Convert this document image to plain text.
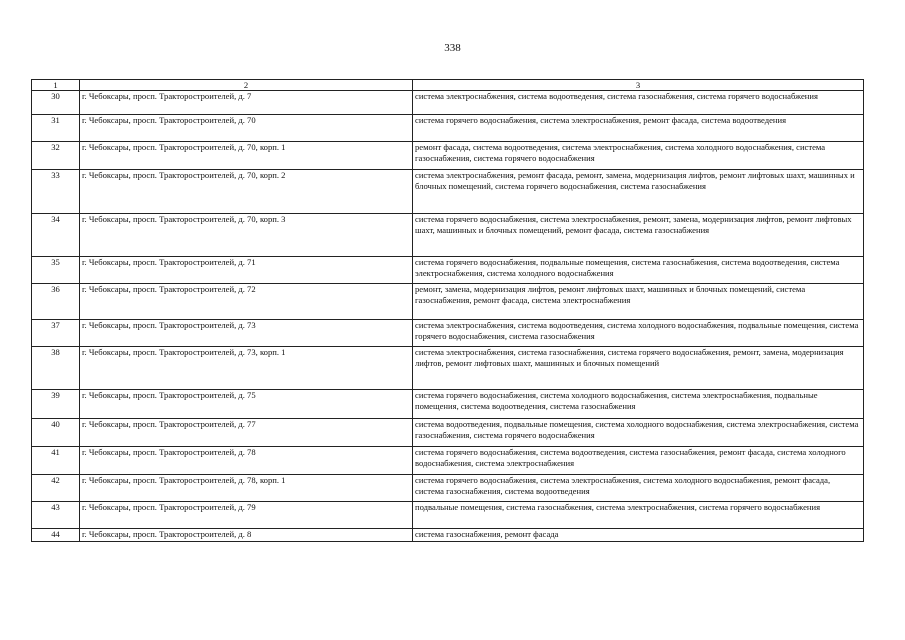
338
1	2	3
30	г. Чебоксары, просп. Тракторостроителей, д. 7	система электроснабжения, система водоотведения, система газоснабжения, система горячего водоснабжения
31	г. Чебоксары, просп. Тракторостроителей, д. 70	система горячего водоснабжения, система электроснабжения, ремонт фасада, система водоотведения
32	г. Чебоксары, просп. Тракторостроителей, д. 70, корп. 1	ремонт фасада, система водоотведения, система электроснабжения, система холодного водоснабжения, система газоснабжения, система горячего водоснабжения
33	г. Чебоксары, просп. Тракторостроителей, д. 70, корп. 2	система электроснабжения, ремонт фасада, ремонт, замена, модернизация лифтов, ремонт лифтовых шахт, машинных и блочных помещений, система горячего водоснабжения, система газоснабжения
34	г. Чебоксары, просп. Тракторостроителей, д. 70, корп. 3	система горячего водоснабжения, система электроснабжения, ремонт, замена, модернизация лифтов, ремонт лифтовых шахт, машинных и блочных помещений, ремонт фасада, система газоснабжения
35	г. Чебоксары, просп. Тракторостроителей, д. 71	система горячего водоснабжения, подвальные помещения, система газоснабжения, система водоотведения, система электроснабжения, система холодного водоснабжения
36	г. Чебоксары, просп. Тракторостроителей, д. 72	ремонт, замена, модернизация лифтов, ремонт лифтовых шахт, машинных и блочных помещений, система газоснабжения, ремонт фасада, система электроснабжения
37	г. Чебоксары, просп. Тракторостроителей, д. 73	система электроснабжения, система водоотведения, система холодного водоснабжения, подвальные помещения, система горячего водоснабжения, система газоснабжения
38	г. Чебоксары, просп. Тракторостроителей, д. 73, корп. 1	система электроснабжения, система газоснабжения, система горячего водоснабжения, ремонт, замена, модернизация лифтов, ремонт лифтовых шахт, машинных и блочных помещений
39	г. Чебоксары, просп. Тракторостроителей, д. 75	система горячего водоснабжения, система холодного водоснабжения, система электроснабжения, подвальные помещения, система водоотведения, система газоснабжения
40	г. Чебоксары, просп. Тракторостроителей, д. 77	система водоотведения, подвальные помещения, система холодного водоснабжения, система электроснабжения, система газоснабжения, система горячего водоснабжения
41	г. Чебоксары, просп. Тракторостроителей, д. 78	система горячего водоснабжения, система водоотведения, система газоснабжения, ремонт фасада, система холодного водоснабжения, система электроснабжения
42	г. Чебоксары, просп. Тракторостроителей, д. 78, корп. 1	система горячего водоснабжения, система электроснабжения, система холодного водоснабжения, ремонт фасада, система газоснабжения, система водоотведения
43	г. Чебоксары, просп. Тракторостроителей, д. 79	подвальные помещения, система газоснабжения, система электроснабжения, система горячего водоснабжения
44	г. Чебоксары, просп. Тракторостроителей, д. 8	система газоснабжения, ремонт фасада
